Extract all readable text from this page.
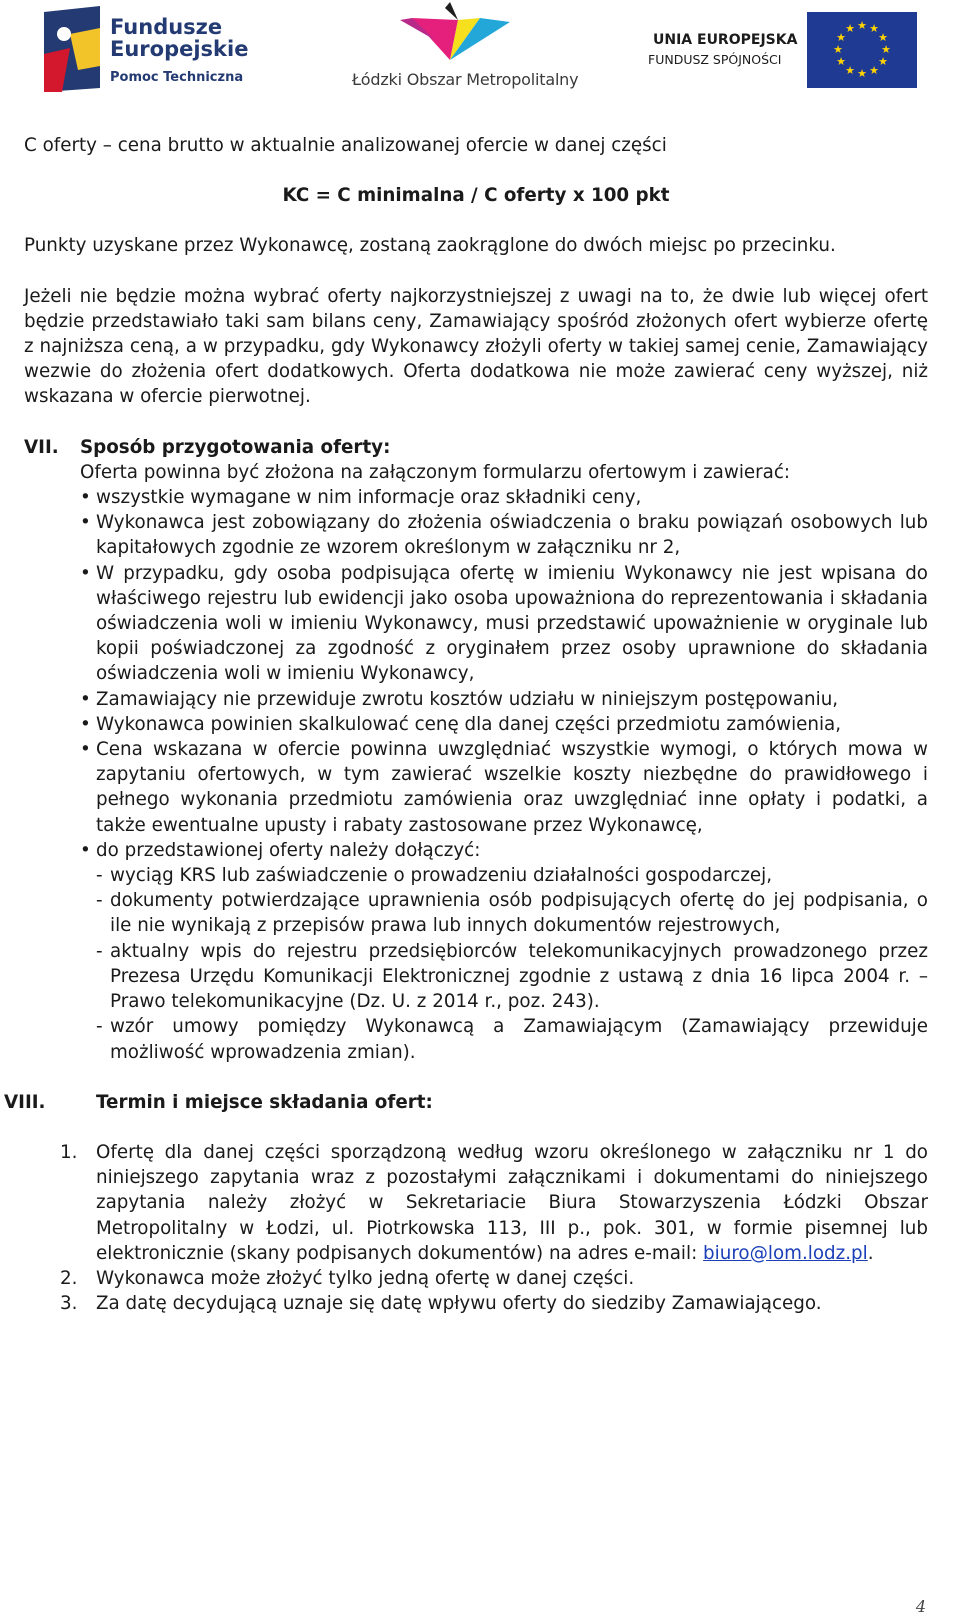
Fundusze
Europejskie
Pomoc Techniczna	Łódzki Obszar Metropolitalny
UNIA EUROPEJSKA
FUNDUSZ SPÓJNOŚCI
★ ★
★
★
★
★
★
★
★
★
★
★

C oferty – cena brutto w aktualnie analizowanej ofercie w danej części

KC = C minimalna / C oferty x 100 pkt

Punkty uzyskane przez Wykonawcę, zostaną zaokrąglone do dwóch miejsc po przecinku.

Jeżeli nie będzie można wybrać oferty najkorzystniejszej z uwagi na to, że dwie lub więcej ofert będzie przedstawiało taki sam bilans ceny, Zamawiający spośród złożonych ofert wybierze ofertę z najniższa ceną, a w przypadku, gdy Wykonawcy złożyli oferty w takiej samej cenie, Zamawiający wezwie do złożenia ofert dodatkowych. Oferta dodatkowa nie może zawierać ceny wyższej, niż wskazana w ofercie pierwotnej.

VII.	Sposób przygotowania oferty:

Oferta powinna być złożona na załączonym formularzu ofertowym i zawierać:

• wszystkie wymagane w nim informacje oraz składniki ceny,
• Wykonawca jest zobowiązany do złożenia oświadczenia o braku powiązań osobowych lub kapitałowych zgodnie ze wzorem określonym w załączniku nr 2,
• W przypadku, gdy osoba podpisująca ofertę w imieniu Wykonawcy nie jest wpisana do właściwego rejestru lub ewidencji jako osoba upoważniona do reprezentowania i składania oświadczenia woli w imieniu Wykonawcy, musi przedstawić upoważnienie w oryginale lub kopii poświadczonej za zgodność z oryginałem przez osoby uprawnione do składania oświadczenia woli w imieniu Wykonawcy,
• Zamawiający nie przewiduje zwrotu kosztów udziału w niniejszym postępowaniu,
• Wykonawca powinien skalkulować cenę dla danej części przedmiotu zamówienia,
• Cena wskazana w ofercie powinna uwzględniać wszystkie wymogi, o których mowa w zapytaniu ofertowych, w tym zawierać wszelkie koszty niezbędne do prawidłowego i pełnego wykonania przedmiotu zamówienia oraz uwzględniać inne opłaty i podatki, a także ewentualne upusty i rabaty zastosowane przez Wykonawcę,
• do przedstawionej oferty należy dołączyć:
- wyciąg KRS lub zaświadczenie o prowadzeniu działalności gospodarczej,
- dokumenty potwierdzające uprawnienia osób podpisujących ofertę do jej podpisania, o ile nie wynikają z przepisów prawa lub innych dokumentów rejestrowych,
- aktualny wpis do rejestru przedsiębiorców telekomunikacyjnych prowadzonego przez Prezesa Urzędu Komunikacji Elektronicznej zgodnie z ustawą z dnia 16 lipca 2004 r. – Prawo telekomunikacyjne (Dz. U. z 2014 r., poz. 243).
- wzór umowy pomiędzy Wykonawcą a Zamawiającym (Zamawiający przewiduje możliwość wprowadzenia zmian).
VIII.	Termin i miejsce składania ofert:
1. Ofertę dla danej części sporządzoną według wzoru określonego w załączniku nr 1 do niniejszego zapytania wraz z pozostałymi załącznikami i dokumentami do niniejszego zapytania należy złożyć w Sekretariacie Biura Stowarzyszenia Łódzki Obszar Metropolitalny w Łodzi, ul. Piotrkowska 113, III p., pok. 301, w formie pisemnej lub elektronicznie (skany podpisanych dokumentów) na adres e-mail: biuro@lom.lodz.pl.
2. Wykonawca może złożyć tylko jedną ofertę w danej części.
3. Za datę decydującą uznaje się datę wpływu oferty do siedziby Zamawiającego.
4
